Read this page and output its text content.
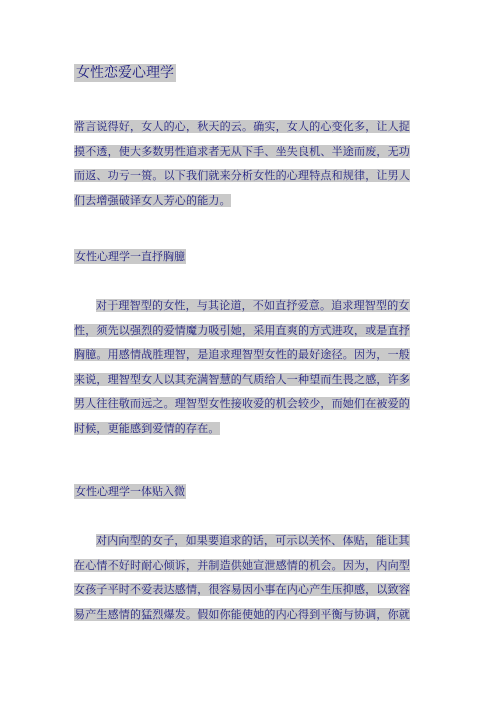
女性恋爱心理学
常言说得好，女人的心，秋天的云。确实，女人的心变化多，让人捉
摸不透，使大多数男性追求者无从下手、坐失良机、半途而废，无功
而返、功亏一篑。以下我们就来分析女性的心理特点和规律，让男人
们去增强破译女人芳心的能力。
女性心理学一直抒胸臆
对于理智型的女性，与其论道，不如直抒爱意。追求理智型的女
性，须先以强烈的爱情魔力吸引她，采用直爽的方式进攻，或是直抒
胸臆。用感情战胜理智，是追求理智型女性的最好途径。因为，一般
来说，理智型女人以其充满智慧的气质给人一种望而生畏之感，许多
男人往往敬而远之。理智型女性接收爱的机会较少，而她们在被爱的
时候，更能感到爱情的存在。
女性心理学一体贴入微
对内向型的女子，如果要追求的话，可示以关怀、体贴，能让其
在心情不好时耐心倾诉，并制造供她宣泄感情的机会。因为，内向型
女孩子平时不爱表达感情，很容易因小事在内心产生压抑感，以致容
易产生感情的猛烈爆发。假如你能使她的内心得到平衡与协调，你就
